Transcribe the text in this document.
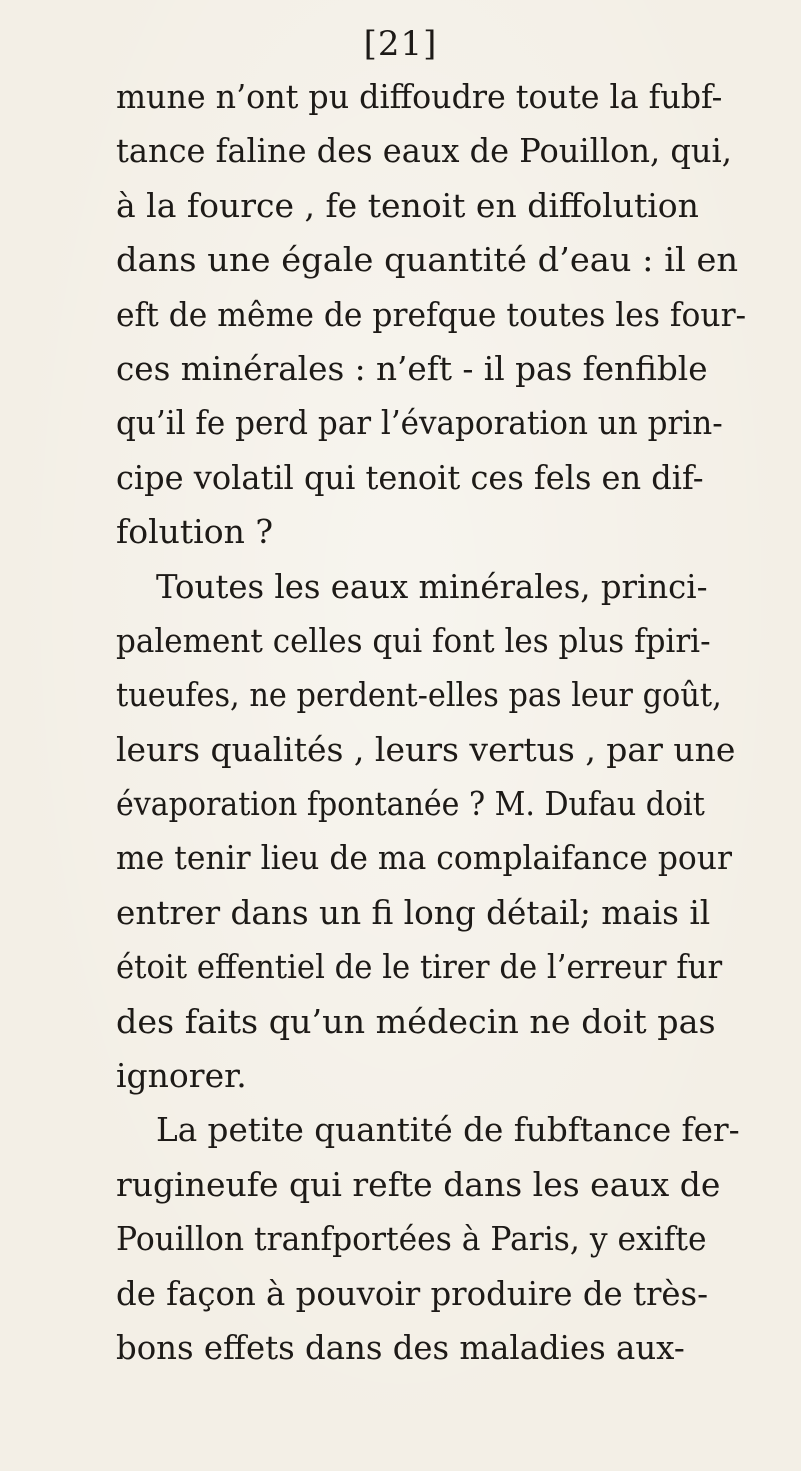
[21]
mune n’ont pu diffoudre toute la fubf-
tance faline des eaux de Pouillon, qui,
à la fource , fe tenoit en diffolution
dans une égale quantité d’eau : il en
eft de même de prefque toutes les four-
ces minérales : n’eft - il pas fenfible
qu’il fe perd par l’évaporation un prin-
cipe volatil qui tenoit ces fels en dif-
folution ?
Toutes les eaux minérales, princi-
palement celles qui font les plus fpiri-
tueufes, ne perdent-elles pas leur goût,
leurs qualités , leurs vertus , par une
évaporation fpontanée ? M. Dufau doit
me tenir lieu de ma complaifance pour
entrer dans un fi long détail; mais il
étoit effentiel de le tirer de l’erreur fur
des faits qu’un médecin ne doit pas
ignorer.
La petite quantité de fubftance fer-
rugineufe qui refte dans les eaux de
Pouillon tranfportées à Paris, y exifte
de façon à pouvoir produire de très-
bons effets dans des maladies aux-
